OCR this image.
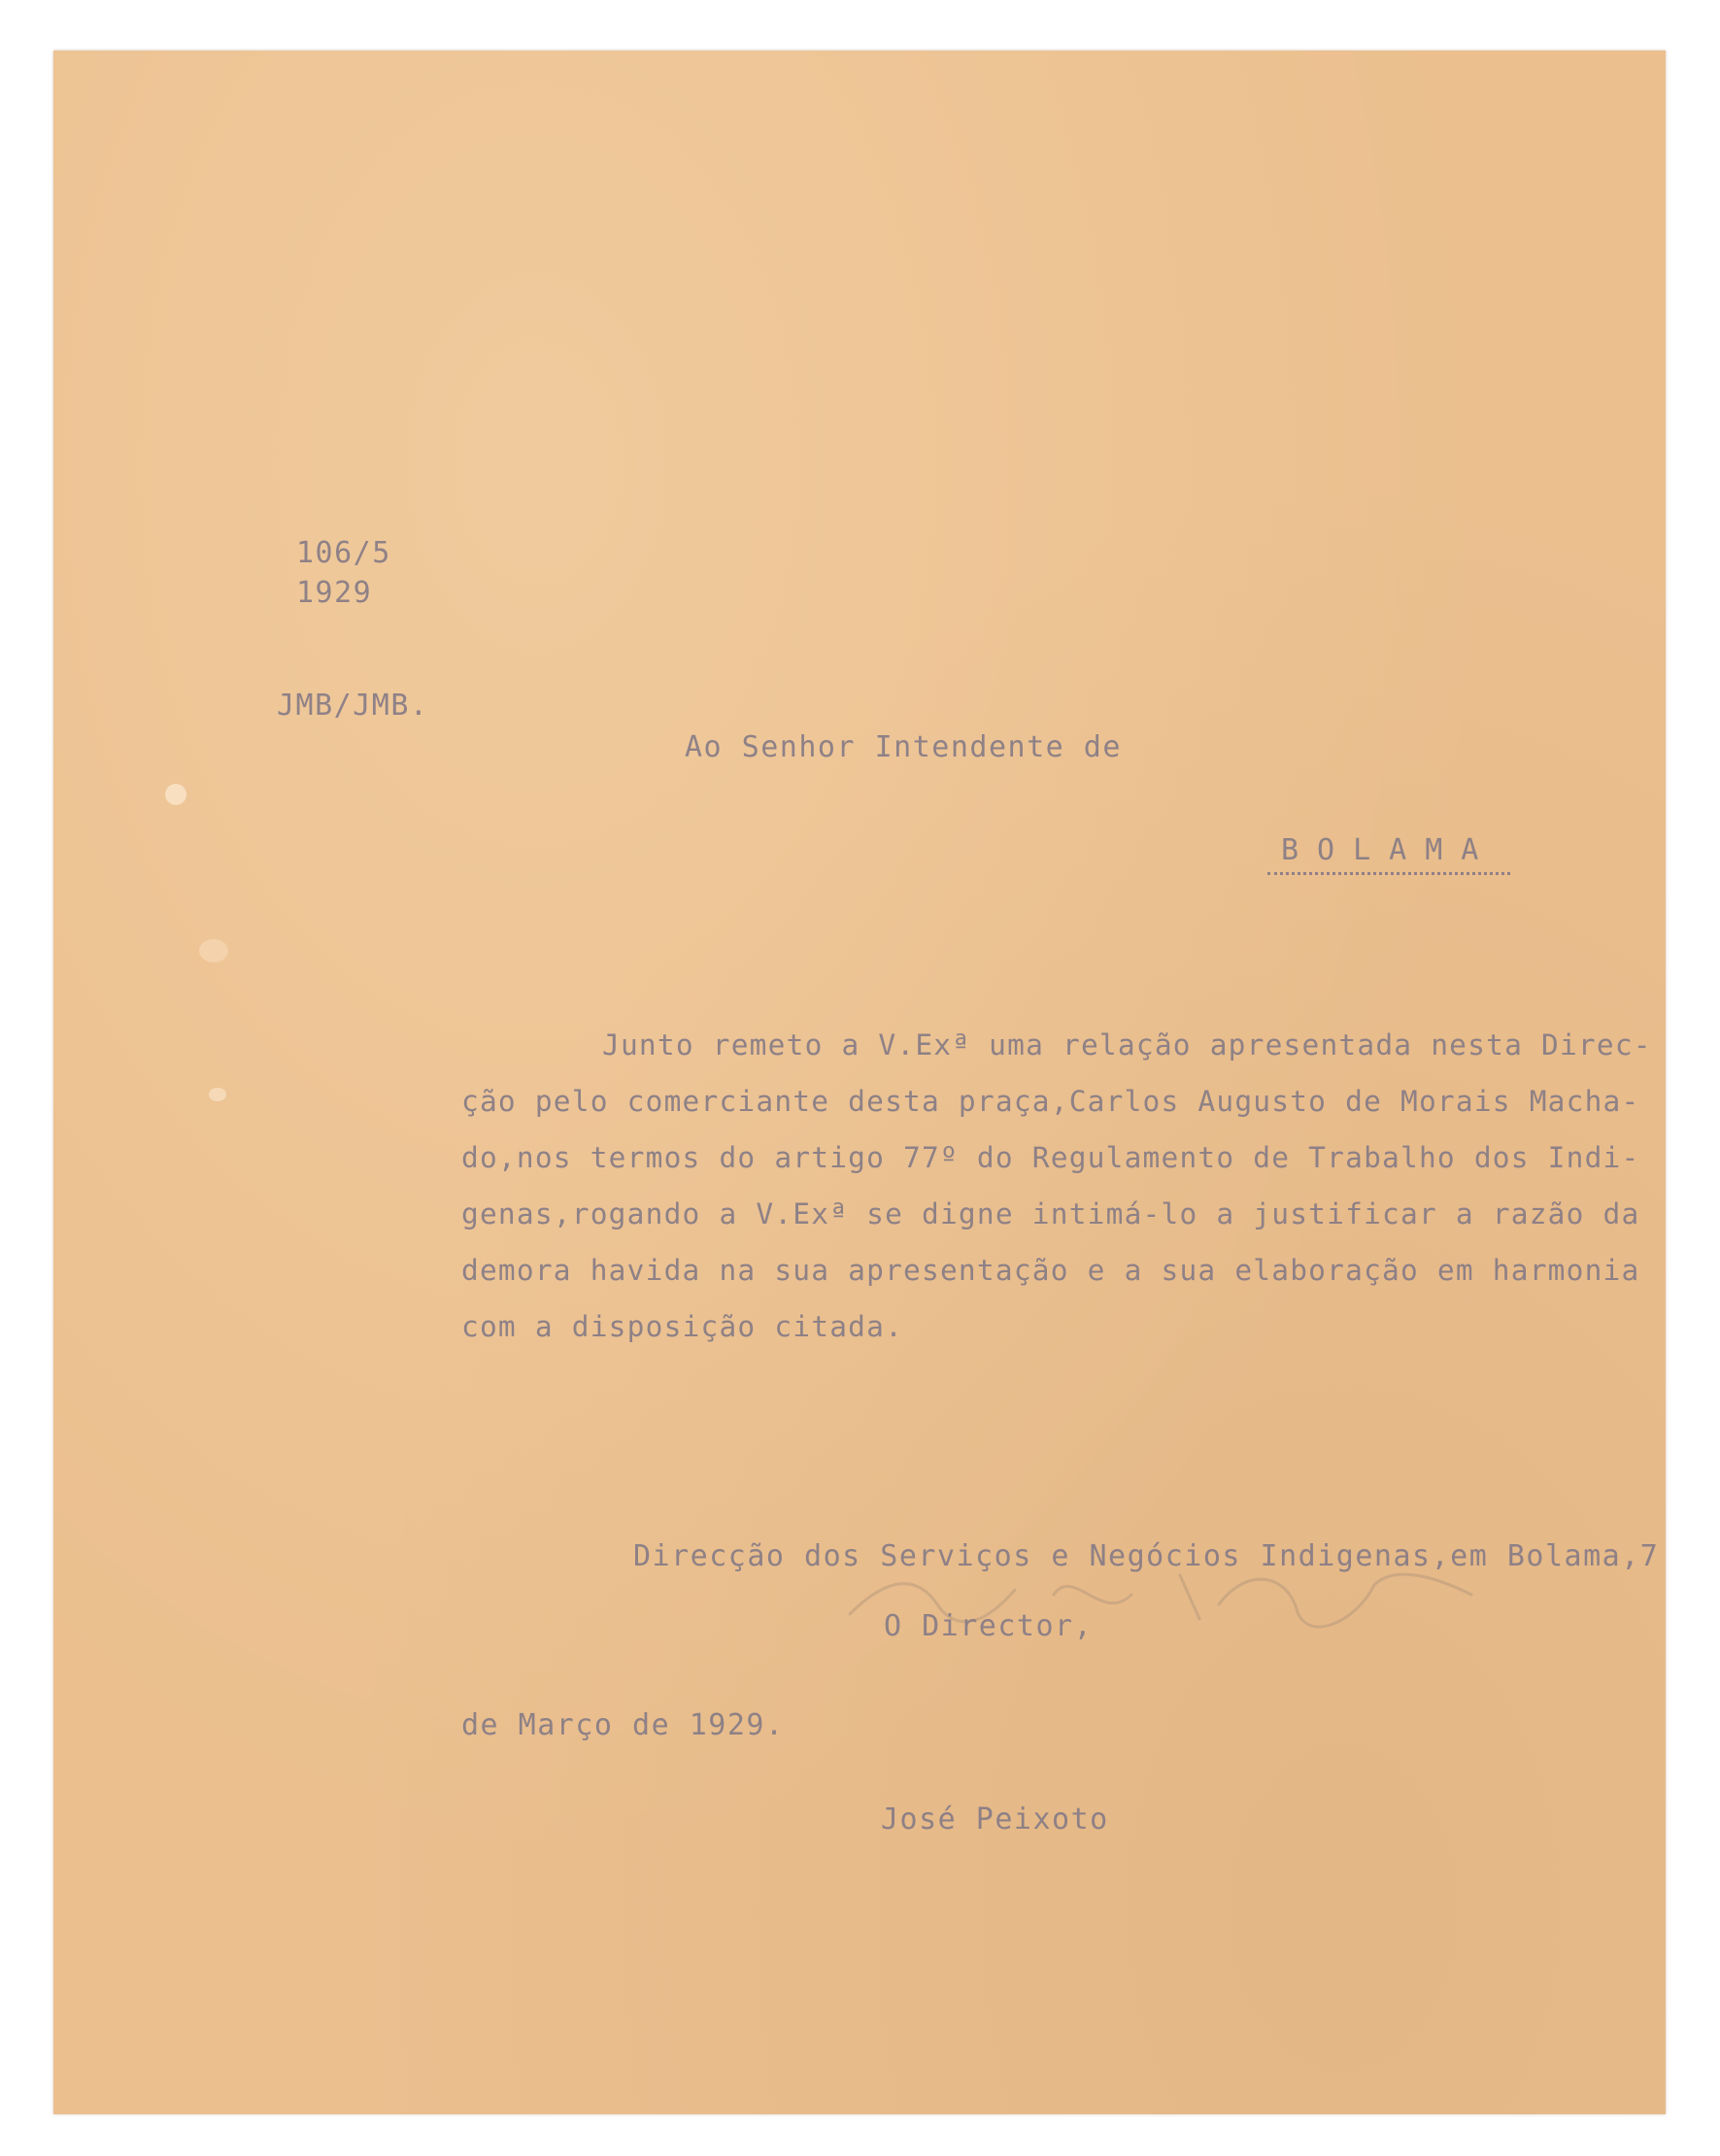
106/5
1929
JMB/JMB.
Ao Senhor Intendente de
BOLAMA
Junto remeto a V.Exª uma relação apresentada nesta Direc-
ção pelo comerciante desta praça,Carlos Augusto de Morais Macha-
do,nos termos do artigo 77º do Regulamento de Trabalho dos Indi-
genas,rogando a V.Exª se digne intimá-lo a justificar a razão da
demora havida na sua apresentação e a sua elaboração em harmonia
com a disposição citada.

Direcção dos Serviços e Negócios Indigenas,em Bolama,7

de Março de 1929.

O Director,
José Peixoto
